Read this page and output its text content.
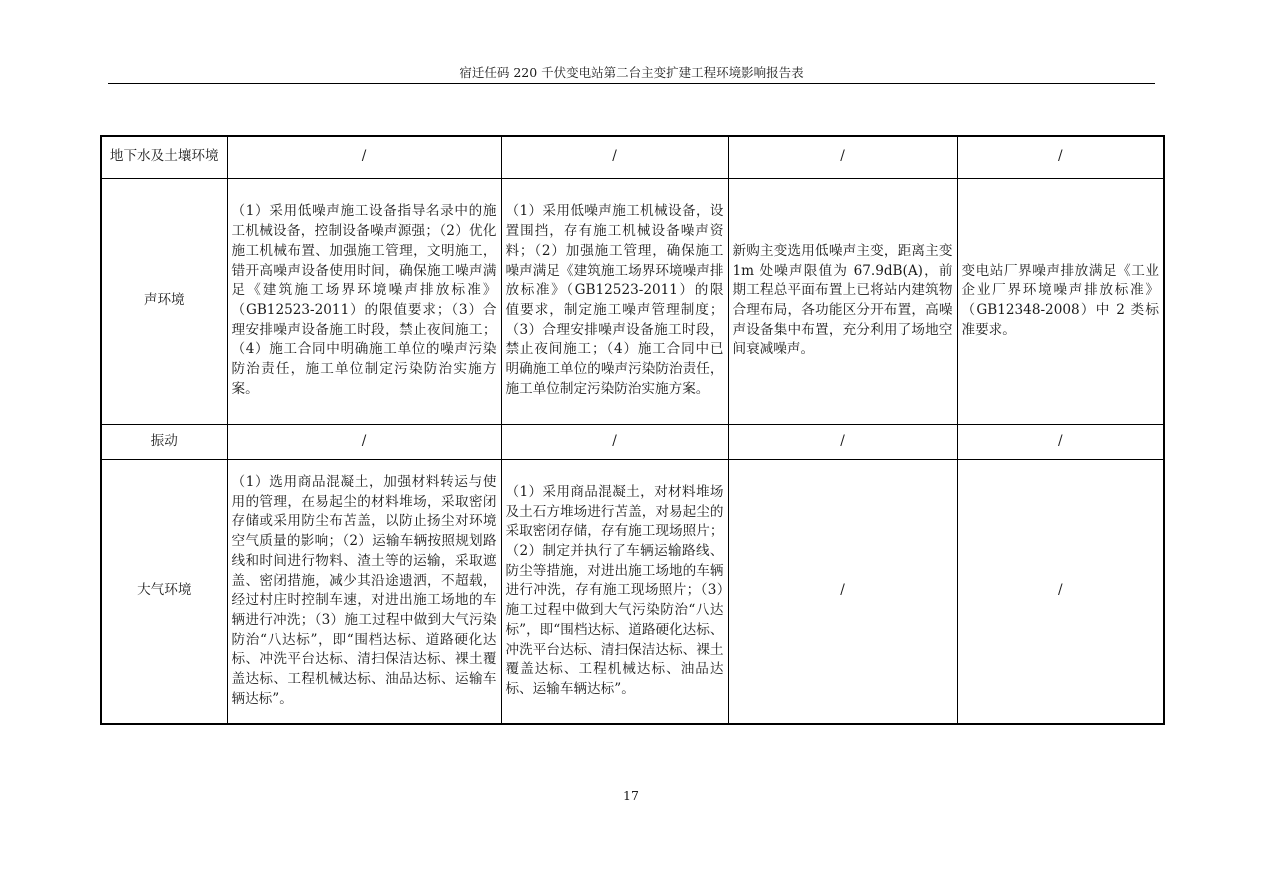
宿迁任码 220 千伏变电站第二台主变扩建工程环境影响报告表
地下水及土壤环境	/	/	/	/
声环境	（1）采用低噪声施工设备指导名录中的施工机械设备，控制设备噪声源强；（2）优化施工机械布置、加强施工管理，文明施工，错开高噪声设备使用时间，确保施工噪声满足《建筑施工场界环境噪声排放标准》（GB12523-2011）的限值要求；（3）合理安排噪声设备施工时段，禁止夜间施工；（4）施工合同中明确施工单位的噪声污染防治责任，施工单位制定污染防治实施方案。	（1）采用低噪声施工机械设备，设置围挡，存有施工机械设备噪声资料；（2）加强施工管理，确保施工噪声满足《建筑施工场界环境噪声排放标准》（GB12523-2011）的限值要求，制定施工噪声管理制度；（3）合理安排噪声设备施工时段，禁止夜间施工；（4）施工合同中已明确施工单位的噪声污染防治责任，施工单位制定污染防治实施方案。	新购主变选用低噪声主变，距离主变 1m 处噪声限值为 67.9dB(A)，前期工程总平面布置上已将站内建筑物合理布局，各功能区分开布置，高噪声设备集中布置，充分利用了场地空间衰减噪声。	变电站厂界噪声排放满足《工业企业厂界环境噪声排放标准》（GB12348-2008）中 2 类标准要求。
振动	/	/	/	/
大气环境	（1）选用商品混凝土，加强材料转运与使用的管理，在易起尘的材料堆场，采取密闭存储或采用防尘布苫盖，以防止扬尘对环境空气质量的影响；（2）运输车辆按照规划路线和时间进行物料、渣土等的运输，采取遮盖、密闭措施，减少其沿途遗洒，不超载，经过村庄时控制车速，对进出施工场地的车辆进行冲洗；（3）施工过程中做到大气污染防治“八达标”，即“围档达标、道路硬化达标、冲洗平台达标、清扫保洁达标、裸土覆盖达标、工程机械达标、油品达标、运输车辆达标”。	（1）采用商品混凝土，对材料堆场及土石方堆场进行苫盖，对易起尘的采取密闭存储，存有施工现场照片；（2）制定并执行了车辆运输路线、防尘等措施，对进出施工场地的车辆进行冲洗，存有施工现场照片；（3）施工过程中做到大气污染防治“八达标”，即“围档达标、道路硬化达标、冲洗平台达标、清扫保洁达标、裸土覆盖达标、工程机械达标、油品达标、运输车辆达标”。	/	/
17
